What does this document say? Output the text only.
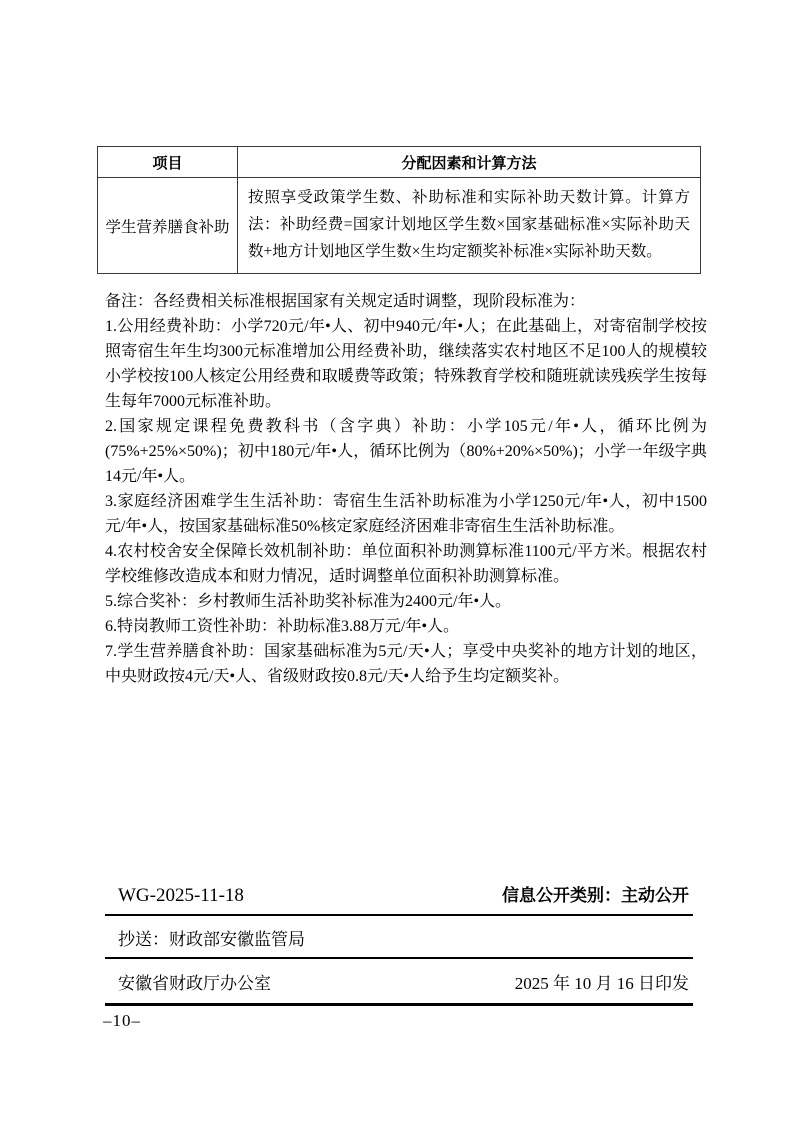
项目	分配因素和计算方法
学生营养膳食补助	按照享受政策学生数、补助标准和实际补助天数计算。计算方法：补助经费=国家计划地区学生数×国家基础标准×实际补助天数+地方计划地区学生数×生均定额奖补标准×实际补助天数。

备注：各经费相关标准根据国家有关规定适时调整，现阶段标准为：

1.公用经费补助：小学720元/年•人、初中940元/年•人；在此基础上，对寄宿制学校按照寄宿生年生均300元标准增加公用经费补助，继续落实农村地区不足100人的规模较小学校按100人核定公用经费和取暖费等政策；特殊教育学校和随班就读残疾学生按每生每年7000元标准补助。

2.国家规定课程免费教科书（含字典）补助：小学105元/年•人，循环比例为(75%+25%×50%)；初中180元/年•人，循环比例为（80%+20%×50%)；小学一年级字典14元/年•人。

3.家庭经济困难学生生活补助：寄宿生生活补助标准为小学1250元/年•人，初中1500元/年•人，按国家基础标准50%核定家庭经济困难非寄宿生生活补助标准。

4.农村校舍安全保障长效机制补助：单位面积补助测算标准1100元/平方米。根据农村学校维修改造成本和财力情况，适时调整单位面积补助测算标准。

5.综合奖补：乡村教师生活补助奖补标准为2400元/年•人。

6.特岗教师工资性补助：补助标准3.88万元/年•人。

7.学生营养膳食补助：国家基础标准为5元/天•人；享受中央奖补的地方计划的地区，中央财政按4元/天•人、省级财政按0.8元/天•人给予生均定额奖补。

WG-2025-11-18	信息公开类别：主动公开
抄送：财政部安徽监管局
安徽省财政厅办公室	2025 年 10 月 16 日印发
–10–
